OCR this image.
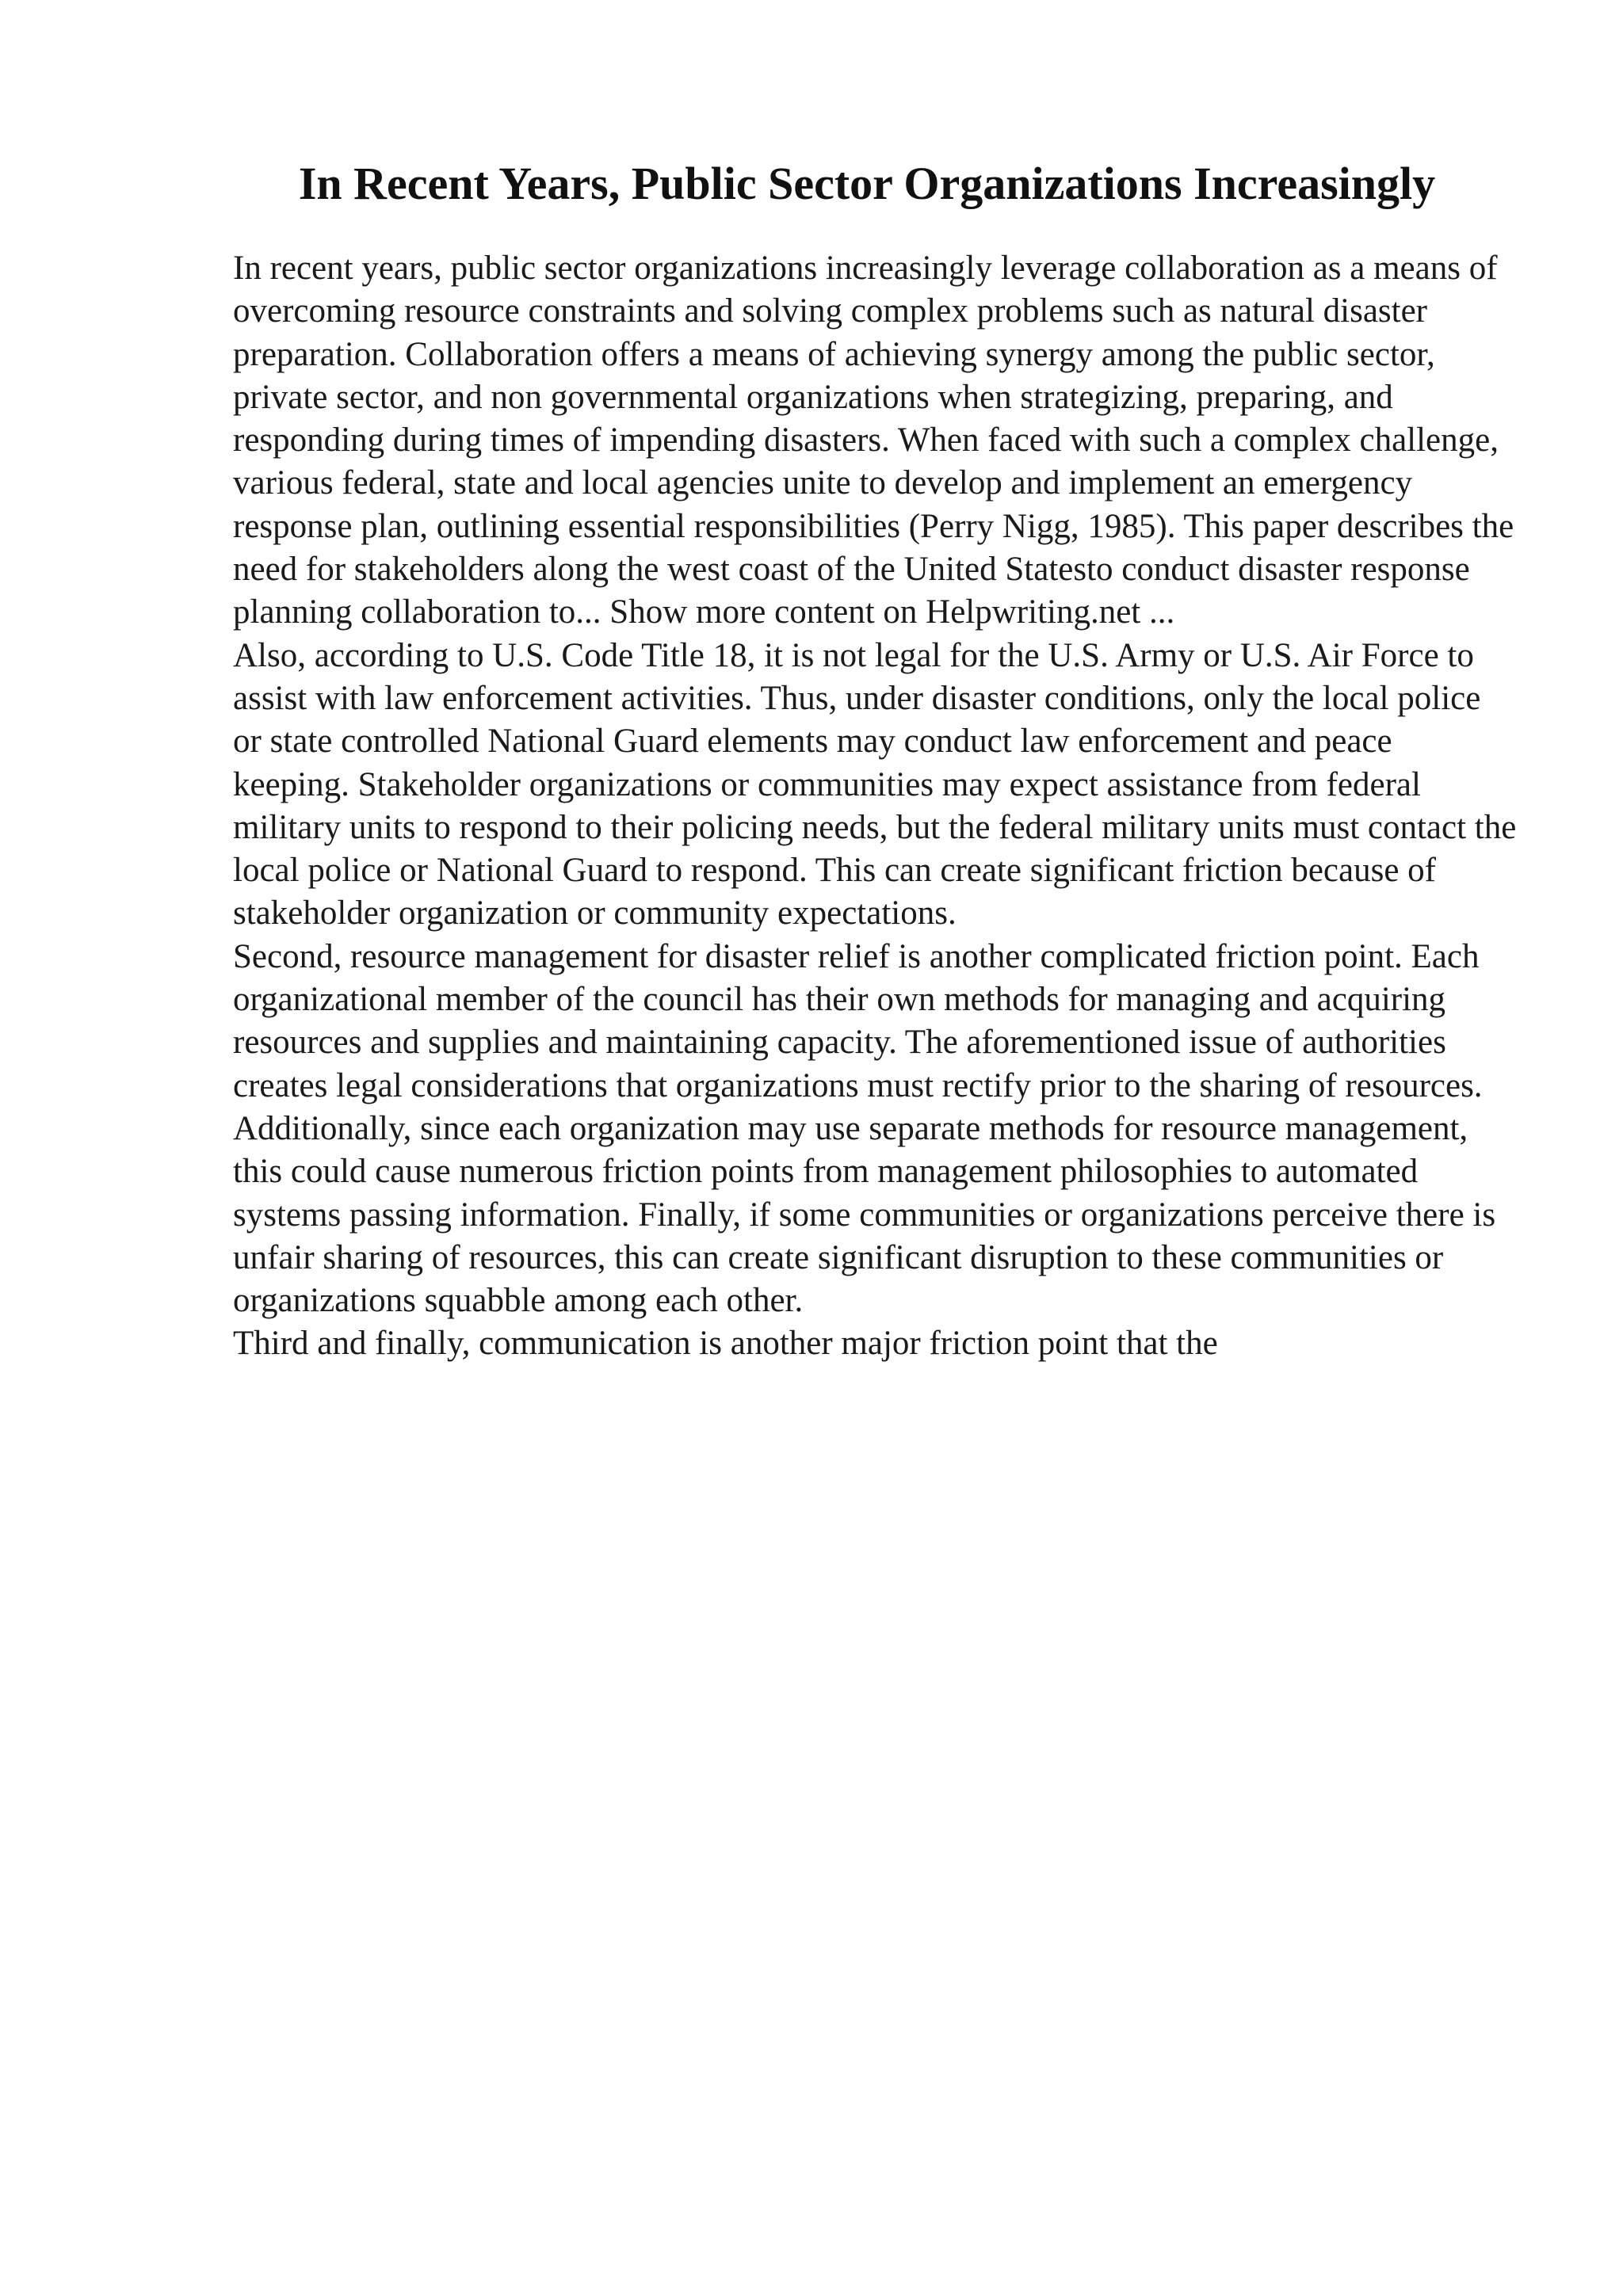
In Recent Years, Public Sector Organizations Increasingly

In recent years, public sector organizations increasingly leverage collaboration as a means of overcoming resource constraints and solving complex problems such as natural disaster preparation. Collaboration offers a means of achieving synergy among the public sector, private sector, and non governmental organizations when strategizing, preparing, and responding during times of impending disasters. When faced with such a complex challenge, various federal, state and local agencies unite to develop and implement an emergency response plan, outlining essential responsibilities (Perry Nigg, 1985). This paper describes the need for stakeholders along the west coast of the United Statesto conduct disaster response planning collaboration to... Show more content on Helpwriting.net ...

Also, according to U.S. Code Title 18, it is not legal for the U.S. Army or U.S. Air Force to assist with law enforcement activities. Thus, under disaster conditions, only the local police or state controlled National Guard elements may conduct law enforcement and peace keeping. Stakeholder organizations or communities may expect assistance from federal military units to respond to their policing needs, but the federal military units must contact the local police or National Guard to respond. This can create significant friction because of stakeholder organization or community expectations.

Second, resource management for disaster relief is another complicated friction point. Each organizational member of the council has their own methods for managing and acquiring resources and supplies and maintaining capacity. The aforementioned issue of authorities creates legal considerations that organizations must rectify prior to the sharing of resources. Additionally, since each organization may use separate methods for resource management, this could cause numerous friction points from management philosophies to automated systems passing information. Finally, if some communities or organizations perceive there is unfair sharing of resources, this can create significant disruption to these communities or organizations squabble among each other.

Third and finally, communication is another major friction point that the
